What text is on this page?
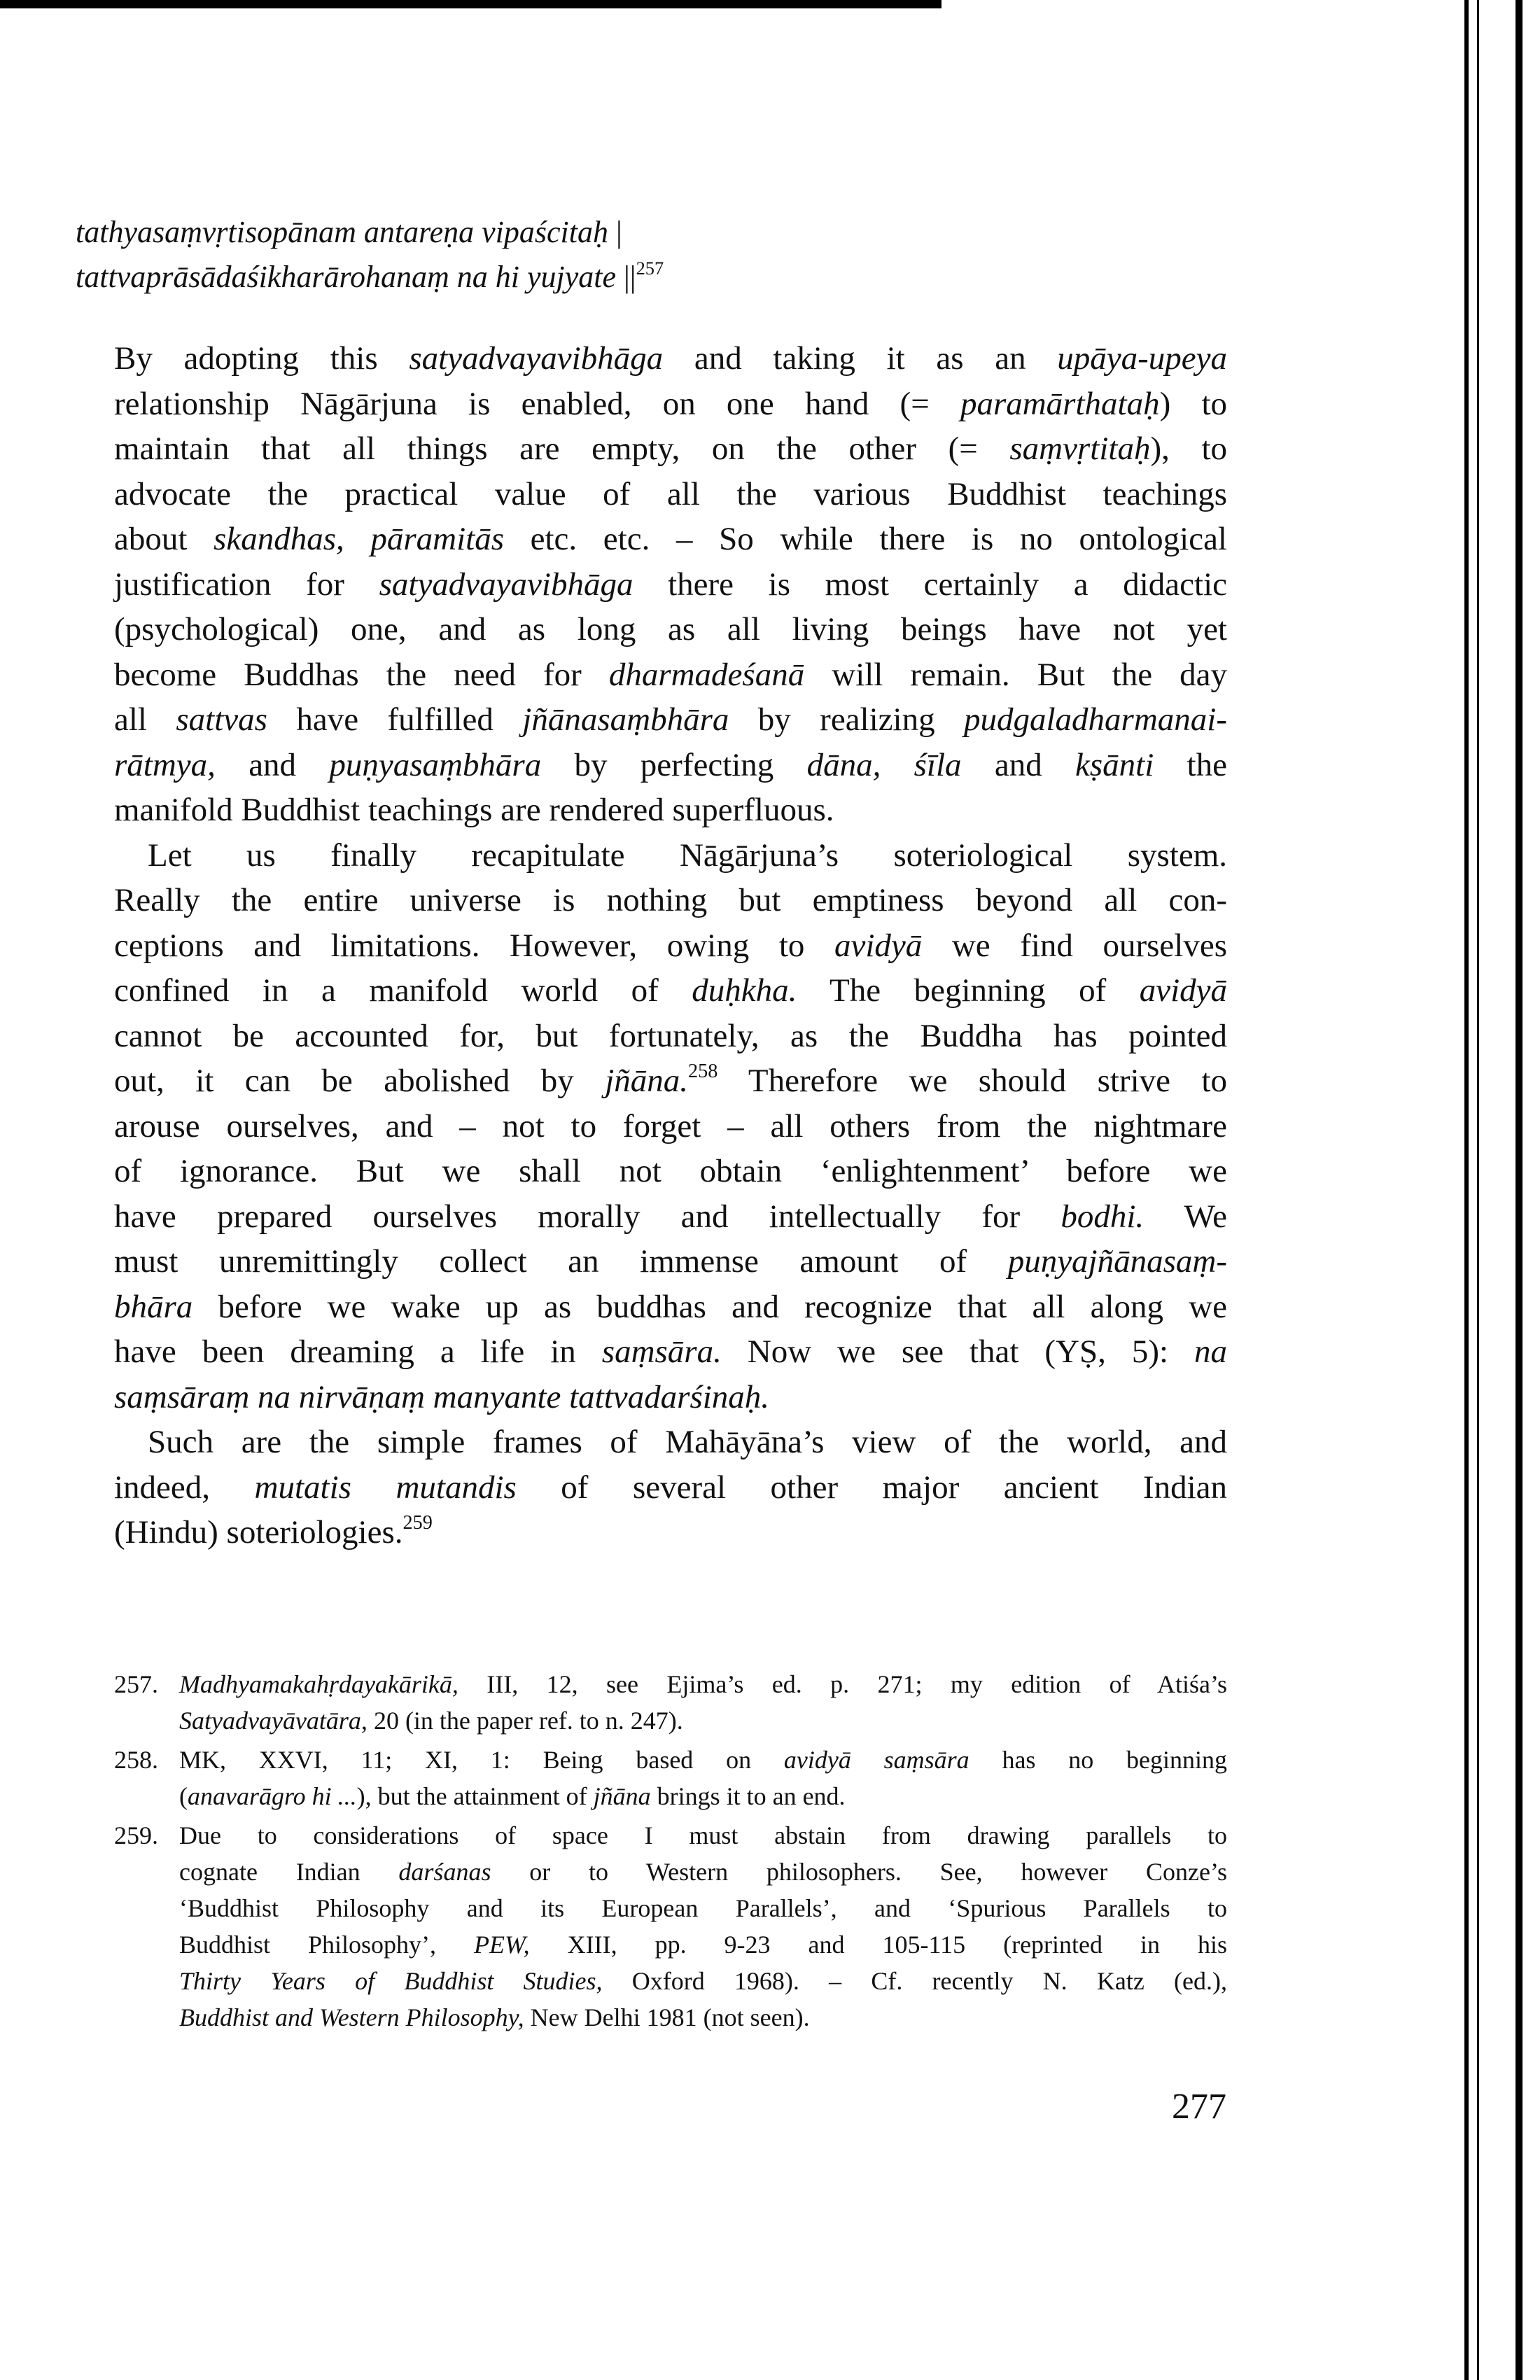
tathyasaṃvṛtisopānam antareṇa vipaścitaḥ |
tattvaprāsādaśikharārohanaṃ na hi yujyate $||^{257}$
By adopting this satyadvayavibhāga and taking it as an upāya-upeya
relationship Nāgārjuna is enabled, on one hand (= paramārthataḥ) to
maintain that all things are empty, on the other (= saṃvṛtitaḥ), to
advocate the practical value of all the various Buddhist teachings
about skandhas, pāramitās etc. etc. – So while there is no ontological
justification for satyadvayavibhāga there is most certainly a didactic
(psychological) one, and as long as all living beings have not yet
become Buddhas the need for dharmadeśanā will remain. But the day
all sattvas have fulfilled jñānasaṃbhāra by realizing pudgaladharmanai-
rātmya, and puṇyasaṃbhāra by perfecting dāna, śīla and kṣānti the
manifold Buddhist teachings are rendered superfluous.
Let us finally recapitulate Nāgārjuna’s soteriological system.
Really the entire universe is nothing but emptiness beyond all con-
ceptions and limitations. However, owing to avidyā we find ourselves
confined in a manifold world of duḥkha. The beginning of avidyā
cannot be accounted for, but fortunately, as the Buddha has pointed
out, it can be abolished by jñāna.$^{258}$ Therefore we should strive to
arouse ourselves, and – not to forget – all others from the nightmare
of ignorance. But we shall not obtain ‘enlightenment’ before we
have prepared ourselves morally and intellectually for bodhi. We
must unremittingly collect an immense amount of puṇyajñānasaṃ-
bhāra before we wake up as buddhas and recognize that all along we
have been dreaming a life in saṃsāra. Now we see that (YṢ, 5): na
saṃsāraṃ na nirvāṇaṃ manyante tattvadarśinaḥ.
Such are the simple frames of Mahāyāna’s view of the world, and
indeed, mutatis mutandis of several other major ancient Indian
(Hindu) soteriologies.$^{259}$
257. Madhyamakahṛdayakārikā, III, 12, see Ejima’s ed. p. 271; my edition of Atiśa’s
Satyadvayāvatāra, 20 (in the paper ref. to n. 247).
258. MK, XXVI, 11; XI, 1: Being based on avidyā saṃsāra has no beginning
(anavarāgro hi ...), but the attainment of jñāna brings it to an end.
259. Due to considerations of space I must abstain from drawing parallels to
cognate Indian darśanas or to Western philosophers. See, however Conze’s
‘Buddhist Philosophy and its European Parallels’, and ‘Spurious Parallels to
Buddhist Philosophy’, PEW, XIII, pp. 9-23 and 105-115 (reprinted in his
Thirty Years of Buddhist Studies, Oxford 1968). – Cf. recently N. Katz (ed.),
Buddhist and Western Philosophy, New Delhi 1981 (not seen).
277
